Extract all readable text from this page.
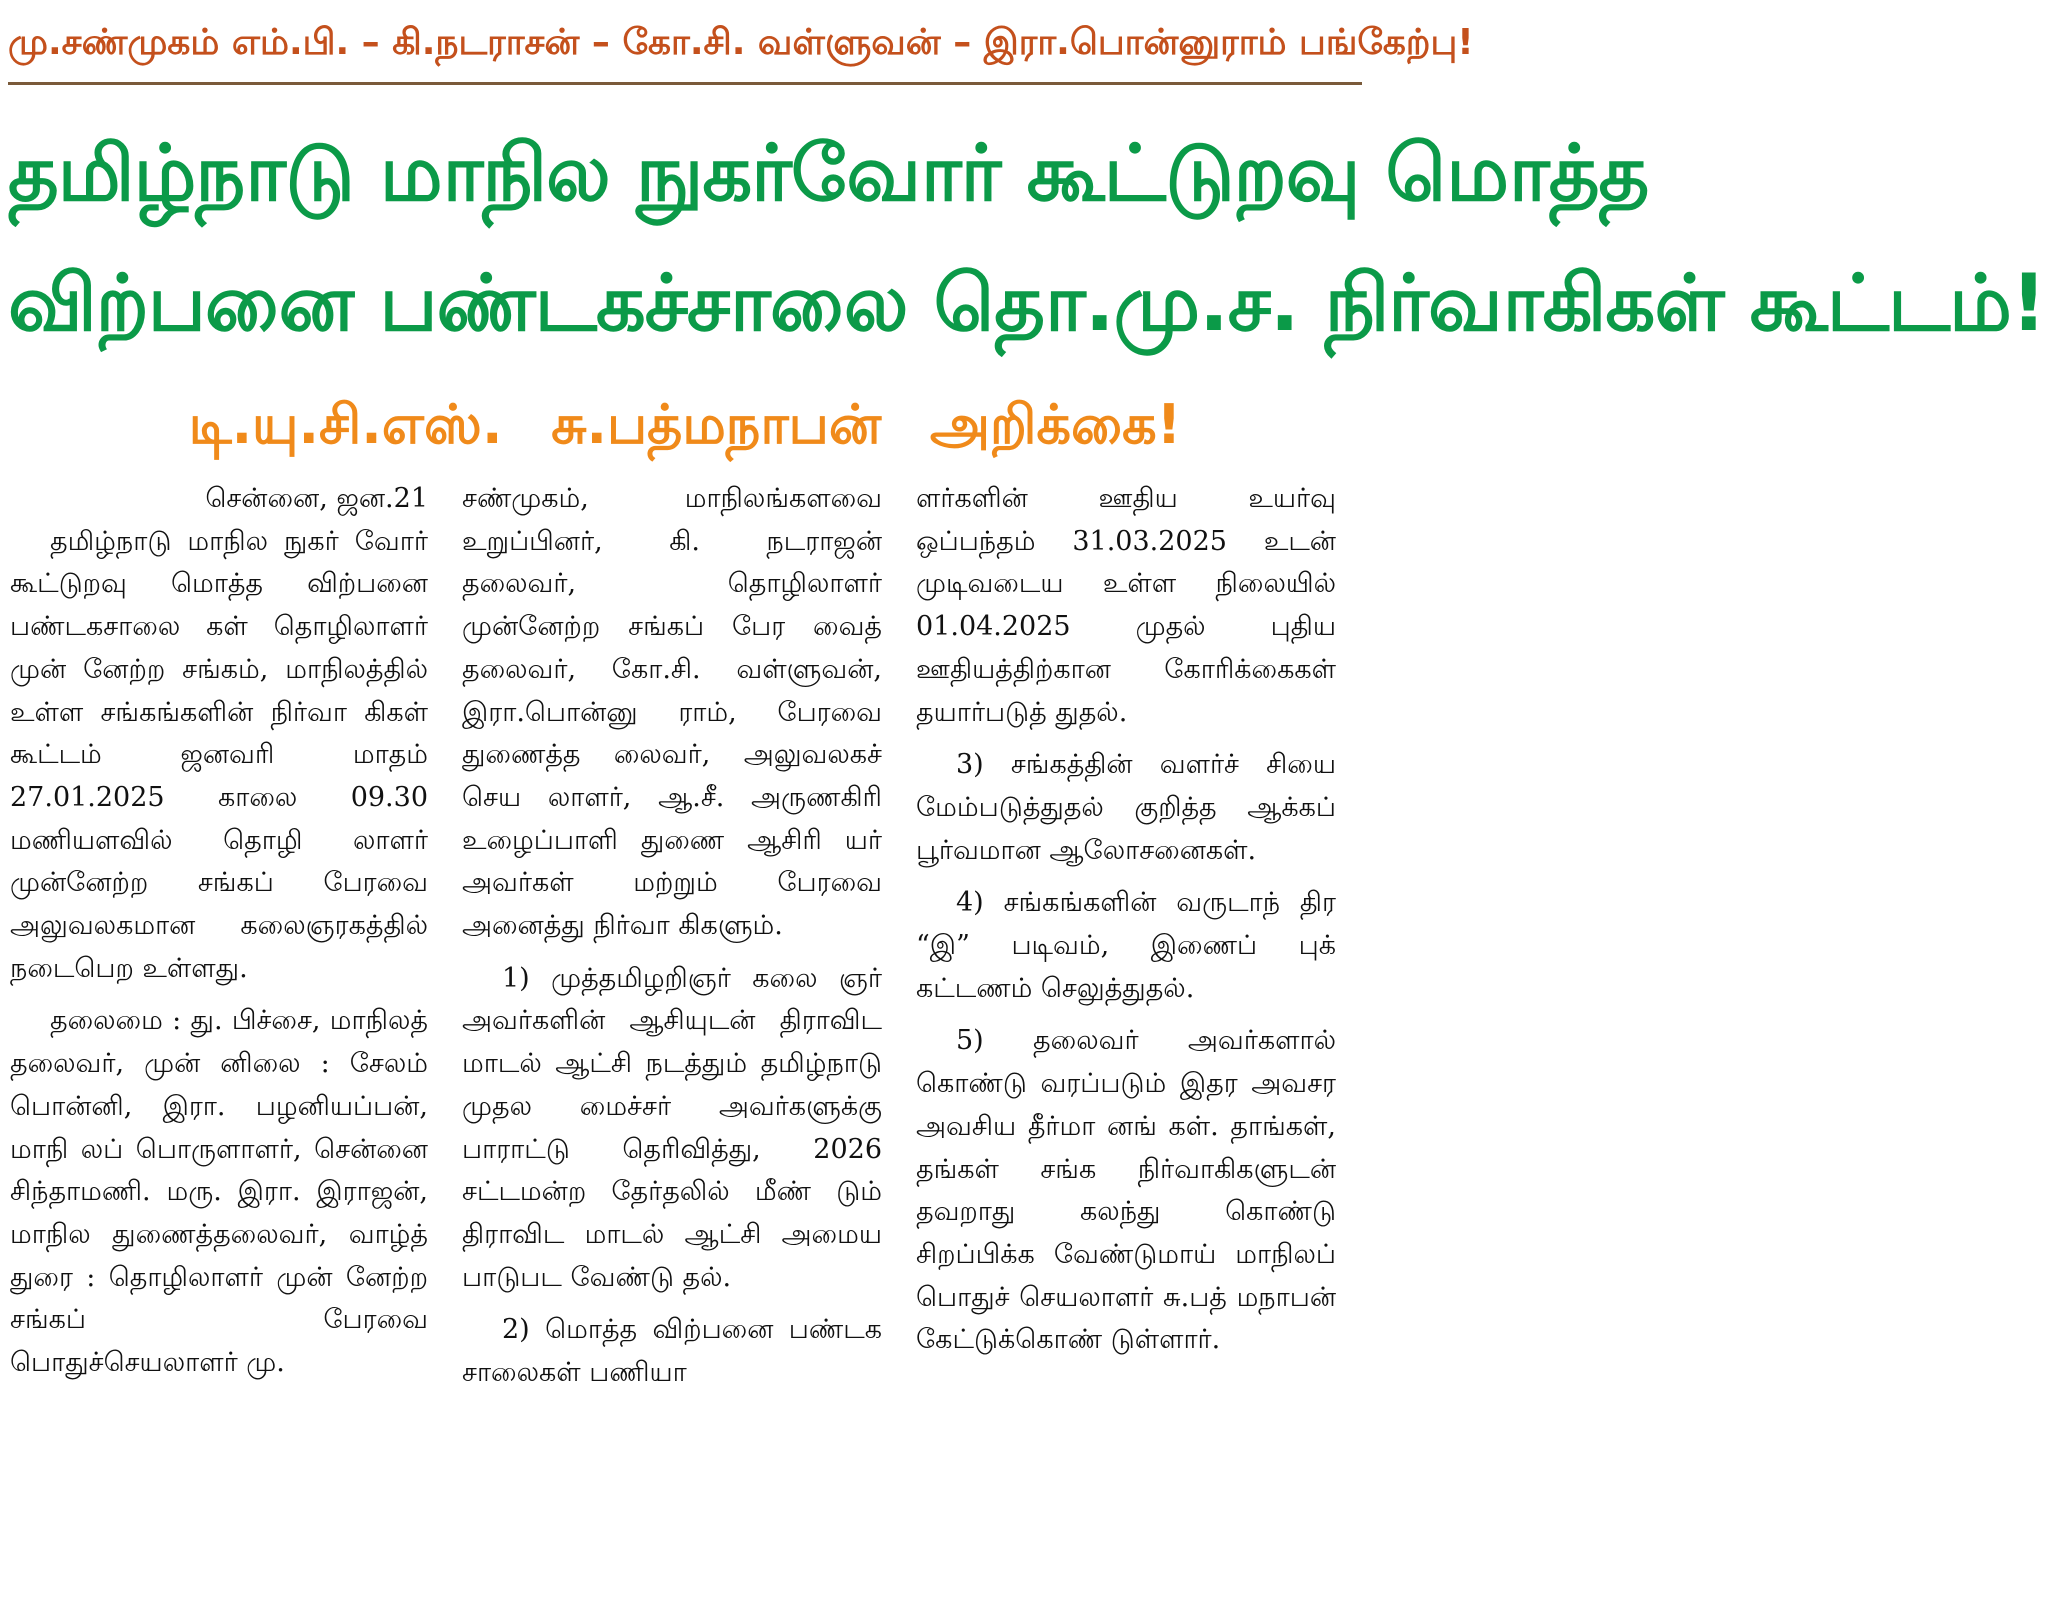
மு.சண்முகம் எம்.பி. – கி.நடராசன் – கோ.சி. வள்ளுவன் – இரா.பொன்னுராம் பங்கேற்பு!
தமிழ்நாடு மாநில நுகர்வோர் கூட்டுறவு மொத்த
விற்பனை பண்டகச்சாலை தொ.மு.ச. நிர்வாகிகள் கூட்டம்!
டி.யு.சி.எஸ். சு.பத்மநாபன் அறிக்கை!

சென்னை, ஜன.21

தமிழ்நாடு மாநில நுகர் வோர் கூட்டுறவு மொத்த விற்பனை பண்டகசாலை கள் தொழிலாளர் முன் னேற்ற சங்கம், மாநிலத்தில் உள்ள சங்கங்களின் நிர்வா கிகள் கூட்டம் ஜனவரி மாதம் 27.01.2025 காலை 09.30 மணியளவில் தொழி லாளர் முன்னேற்ற சங்கப் பேரவை அலுவலகமான கலைஞரகத்தில் நடைபெற உள்ளது.

தலைமை : து. பிச்சை, மாநிலத் தலைவர், முன் னிலை : சேலம் பொன்னி, இரா. பழனியப்பன், மாநி லப் பொருளாளர், சென்னை சிந்தாமணி. மரு. இரா. இராஜன், மாநில துணைத்தலைவர், வாழ்த் துரை : தொழிலாளர் முன் னேற்ற சங்கப் பேரவை பொதுச்செயலாளர் மு.

சண்முகம், மாநிலங்களவை உறுப்பினர், கி. நடராஜன் தலைவர், தொழிலாளர் முன்னேற்ற சங்கப் பேர வைத் தலைவர், கோ.சி. வள்ளுவன், இரா.பொன்னு ராம், பேரவை துணைத்த லைவர், அலுவலகச் செய லாளர், ஆ.சீ. அருணகிரி உழைப்பாளி துணை ஆசிரி யர் அவர்கள் மற்றும் பேரவை அனைத்து நிர்வா கிகளும்.

1) முத்தமிழறிஞர் கலை ஞர் அவர்களின் ஆசியுடன் திராவிட மாடல் ஆட்சி நடத்தும் தமிழ்நாடு முதல மைச்சர் அவர்களுக்கு பாராட்டு தெரிவித்து, 2026 சட்டமன்ற தேர்தலில் மீண் டும் திராவிட மாடல் ஆட்சி அமைய பாடுபட வேண்டு தல்.

2) மொத்த விற்பனை பண்டக சாலைகள் பணியா

ளர்களின் ஊதிய உயர்வு ஒப்பந்தம் 31.03.2025 உடன் முடிவடைய உள்ள நிலையில் 01.04.2025 முதல் புதிய ஊதியத்திற்கான கோரிக்கைகள் தயார்படுத் துதல்.

3) சங்கத்தின் வளர்ச் சியை மேம்படுத்துதல் குறித்த ஆக்கப் பூர்வமான ஆலோசனைகள்.

4) சங்கங்களின் வருடாந் திர “இ” படிவம், இணைப் புக் கட்டணம் செலுத்துதல்.

5) தலைவர் அவர்களால் கொண்டு வரப்படும் இதர அவசர அவசிய தீர்மா னங் கள். தாங்கள், தங்கள் சங்க நிர்வாகிகளுடன் தவறாது கலந்து கொண்டு சிறப்பிக்க வேண்டுமாய் மாநிலப் பொதுச் செயலாளர் சு.பத் மநாபன் கேட்டுக்கொண் டுள்ளார்.
